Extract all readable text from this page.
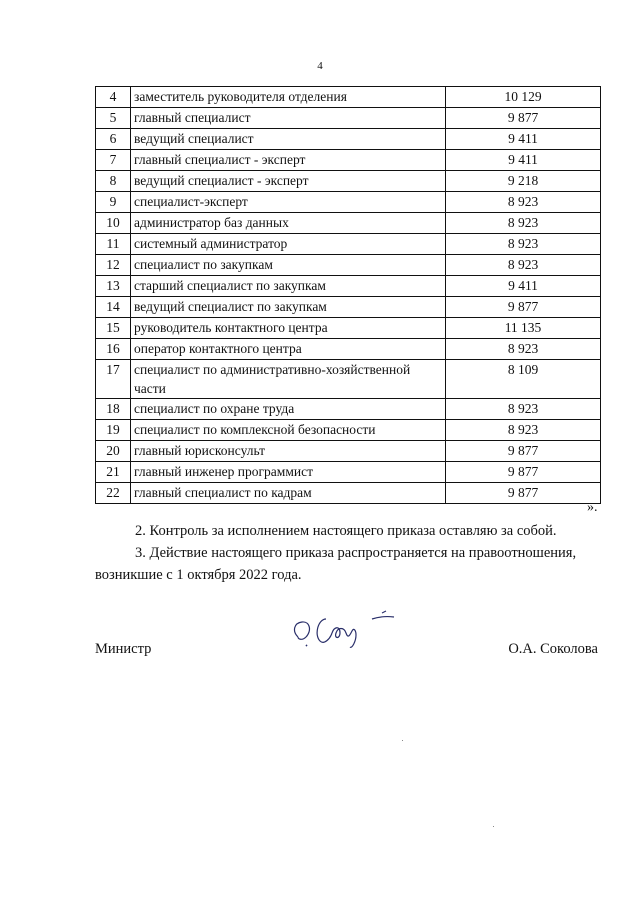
4
4	заместитель руководителя отделения	10 129
5	главный специалист	9 877
6	ведущий специалист	9 411
7	главный специалист - эксперт	9 411
8	ведущий специалист - эксперт	9 218
9	специалист-эксперт	8 923
10	администратор баз данных	8 923
11	системный администратор	8 923
12	специалист по закупкам	8 923
13	старший специалист по закупкам	9 411
14	ведущий специалист по закупкам	9 877
15	руководитель контактного центра	11 135
16	оператор контактного центра	8 923
17	специалист по административно-хозяйственной части	8 109
18	специалист по охране труда	8 923
19	специалист по комплексной безопасности	8 923
20	главный юрисконсульт	9 877
21	главный инженер программист	9 877
22	главный специалист по кадрам	9 877
».
2. Контроль за исполнением настоящего приказа оставляю за собой.
3. Действие настоящего приказа распространяется на правоотношения, возникшие с 1 октября 2022 года.
Министр	О.А. Соколова
